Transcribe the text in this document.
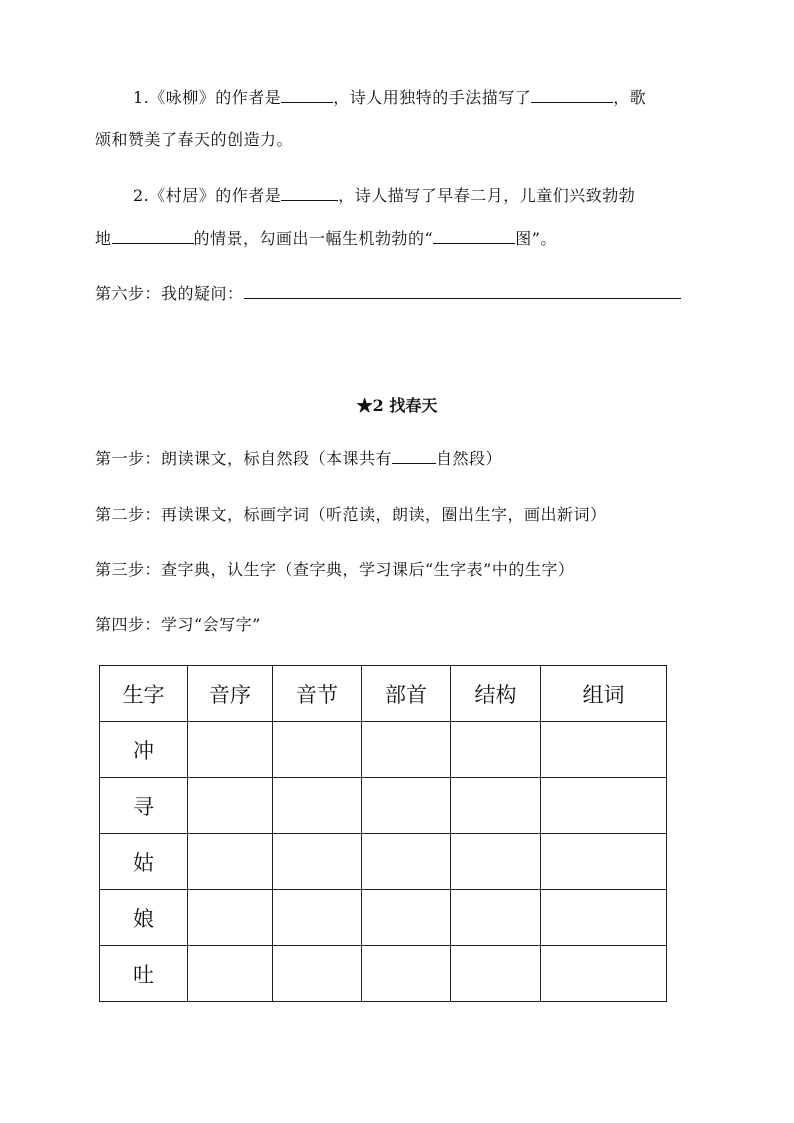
1.《咏柳》的作者是	，诗人用独特的手法描写了	，歌
颂和赞美了春天的创造力。
2.《村居》的作者是	，诗人描写了早春二月，儿童们兴致勃勃
地	的情景，勾画出一幅生机勃勃的“	图”。
第六步：我的疑问：
★2 找春天
第一步：朗读课文，标自然段（本课共有	自然段）
第二步：再读课文，标画字词（听范读，朗读，圈出生字，画出新词）
第三步：查字典，认生字（查字典，学习课后“生字表”中的生字）
第四步：学习“会写字”
生字	音序	音节	部首	结构	组词
冲					
寻					
姑					
娘					
吐					
